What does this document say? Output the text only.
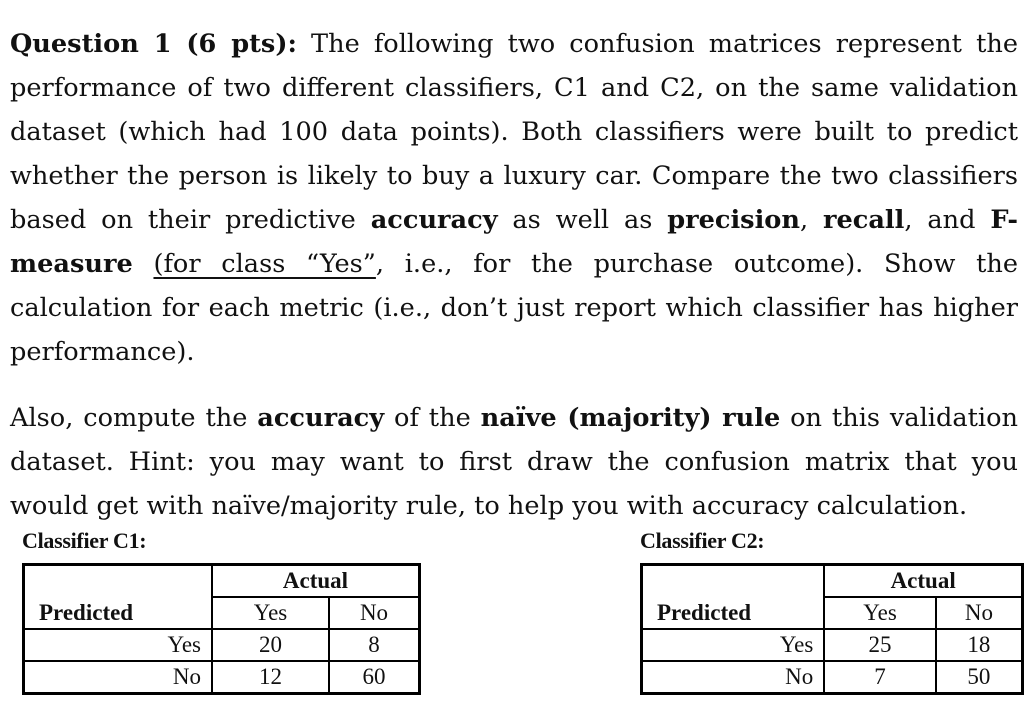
Question 1 (6 pts): The following two confusion matrices represent the performance of two different classifiers, C1 and C2, on the same validation dataset (which had 100 data points). Both classifiers were built to predict whether the person is likely to buy a luxury car. Compare the two classifiers based on their predictive accuracy as well as precision, recall, and F-measure (for class “Yes”, i.e., for the purchase outcome). Show the calculation for each metric (i.e., don’t just report which classifier has higher performance).

Also, compute the accuracy of the naïve (majority) rule on this validation dataset. Hint: you may want to first draw the confusion matrix that you would get with naïve/majority rule, to help you with accuracy calculation.

Classifier C1:
	Actual	
Predicted	Yes	No
Yes	20	8
No	12	60
Classifier C2:
	Actual	
Predicted	Yes	No
Yes	25	18
No	7	50
